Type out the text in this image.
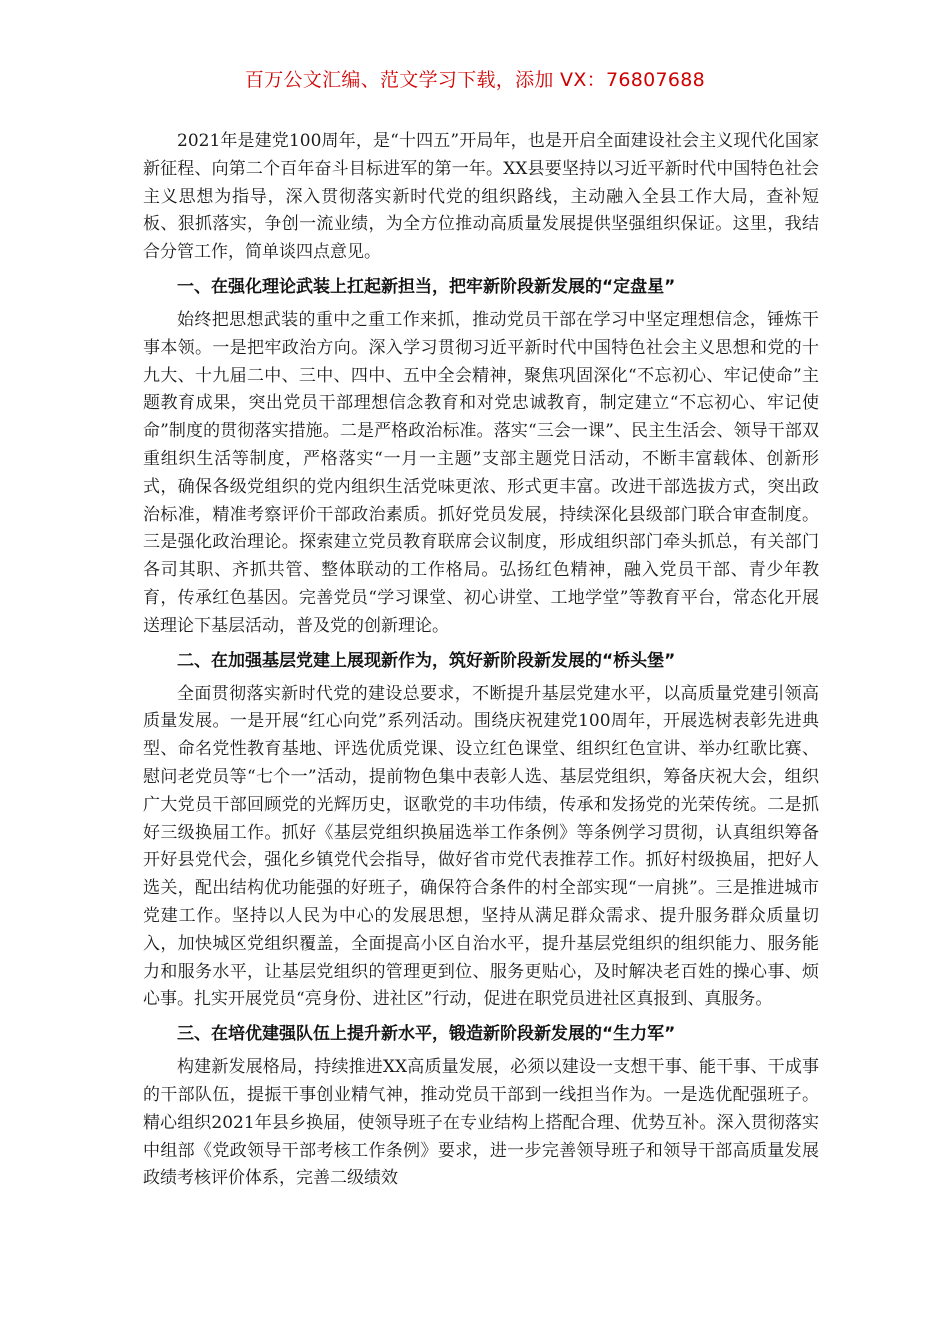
百万公文汇编、范文学习下载，添加 VX：76807688

2021年是建党100周年，是“十四五”开局年，也是开启全面建设社会主义现代化国家新征程、向第二个百年奋斗目标进军的第一年。XX县要坚持以习近平新时代中国特色社会主义思想为指导，深入贯彻落实新时代党的组织路线，主动融入全县工作大局，查补短板、狠抓落实，争创一流业绩，为全方位推动高质量发展提供坚强组织保证。这里，我结合分管工作，简单谈四点意见。

一、在强化理论武装上扛起新担当，把牢新阶段新发展的“定盘星”

始终把思想武装的重中之重工作来抓，推动党员干部在学习中坚定理想信念，锤炼干事本领。一是把牢政治方向。深入学习贯彻习近平新时代中国特色社会主义思想和党的十九大、十九届二中、三中、四中、五中全会精神，聚焦巩固深化“不忘初心、牢记使命”主题教育成果，突出党员干部理想信念教育和对党忠诚教育，制定建立“不忘初心、牢记使命”制度的贯彻落实措施。二是严格政治标准。落实“三会一课”、民主生活会、领导干部双重组织生活等制度，严格落实“一月一主题”支部主题党日活动，不断丰富载体、创新形式，确保各级党组织的党内组织生活党味更浓、形式更丰富。改进干部选拔方式，突出政治标准，精准考察评价干部政治素质。抓好党员发展，持续深化县级部门联合审查制度。三是强化政治理论。探索建立党员教育联席会议制度，形成组织部门牵头抓总，有关部门各司其职、齐抓共管、整体联动的工作格局。弘扬红色精神，融入党员干部、青少年教育，传承红色基因。完善党员“学习课堂、初心讲堂、工地学堂”等教育平台，常态化开展送理论下基层活动，普及党的创新理论。

二、在加强基层党建上展现新作为，筑好新阶段新发展的“桥头堡”

全面贯彻落实新时代党的建设总要求，不断提升基层党建水平，以高质量党建引领高质量发展。一是开展“红心向党”系列活动。围绕庆祝建党100周年，开展选树表彰先进典型、命名党性教育基地、评选优质党课、设立红色课堂、组织红色宣讲、举办红歌比赛、慰问老党员等“七个一”活动，提前物色集中表彰人选、基层党组织，筹备庆祝大会，组织广大党员干部回顾党的光辉历史，讴歌党的丰功伟绩，传承和发扬党的光荣传统。二是抓好三级换届工作。抓好《基层党组织换届选举工作条例》等条例学习贯彻，认真组织筹备开好县党代会，强化乡镇党代会指导，做好省市党代表推荐工作。抓好村级换届，把好人选关，配出结构优功能强的好班子，确保符合条件的村全部实现“一肩挑”。三是推进城市党建工作。坚持以人民为中心的发展思想，坚持从满足群众需求、提升服务群众质量切入，加快城区党组织覆盖，全面提高小区自治水平，提升基层党组织的组织能力、服务能力和服务水平，让基层党组织的管理更到位、服务更贴心，及时解决老百姓的操心事、烦心事。扎实开展党员“亮身份、进社区”行动，促进在职党员进社区真报到、真服务。

三、在培优建强队伍上提升新水平，锻造新阶段新发展的“生力军”

构建新发展格局，持续推进XX高质量发展，必须以建设一支想干事、能干事、干成事的干部队伍，提振干事创业精气神，推动党员干部到一线担当作为。一是选优配强班子。精心组织2021年县乡换届，使领导班子在专业结构上搭配合理、优势互补。深入贯彻落实中组部《党政领导干部考核工作条例》要求，进一步完善领导班子和领导干部高质量发展政绩考核评价体系，完善二级绩效
